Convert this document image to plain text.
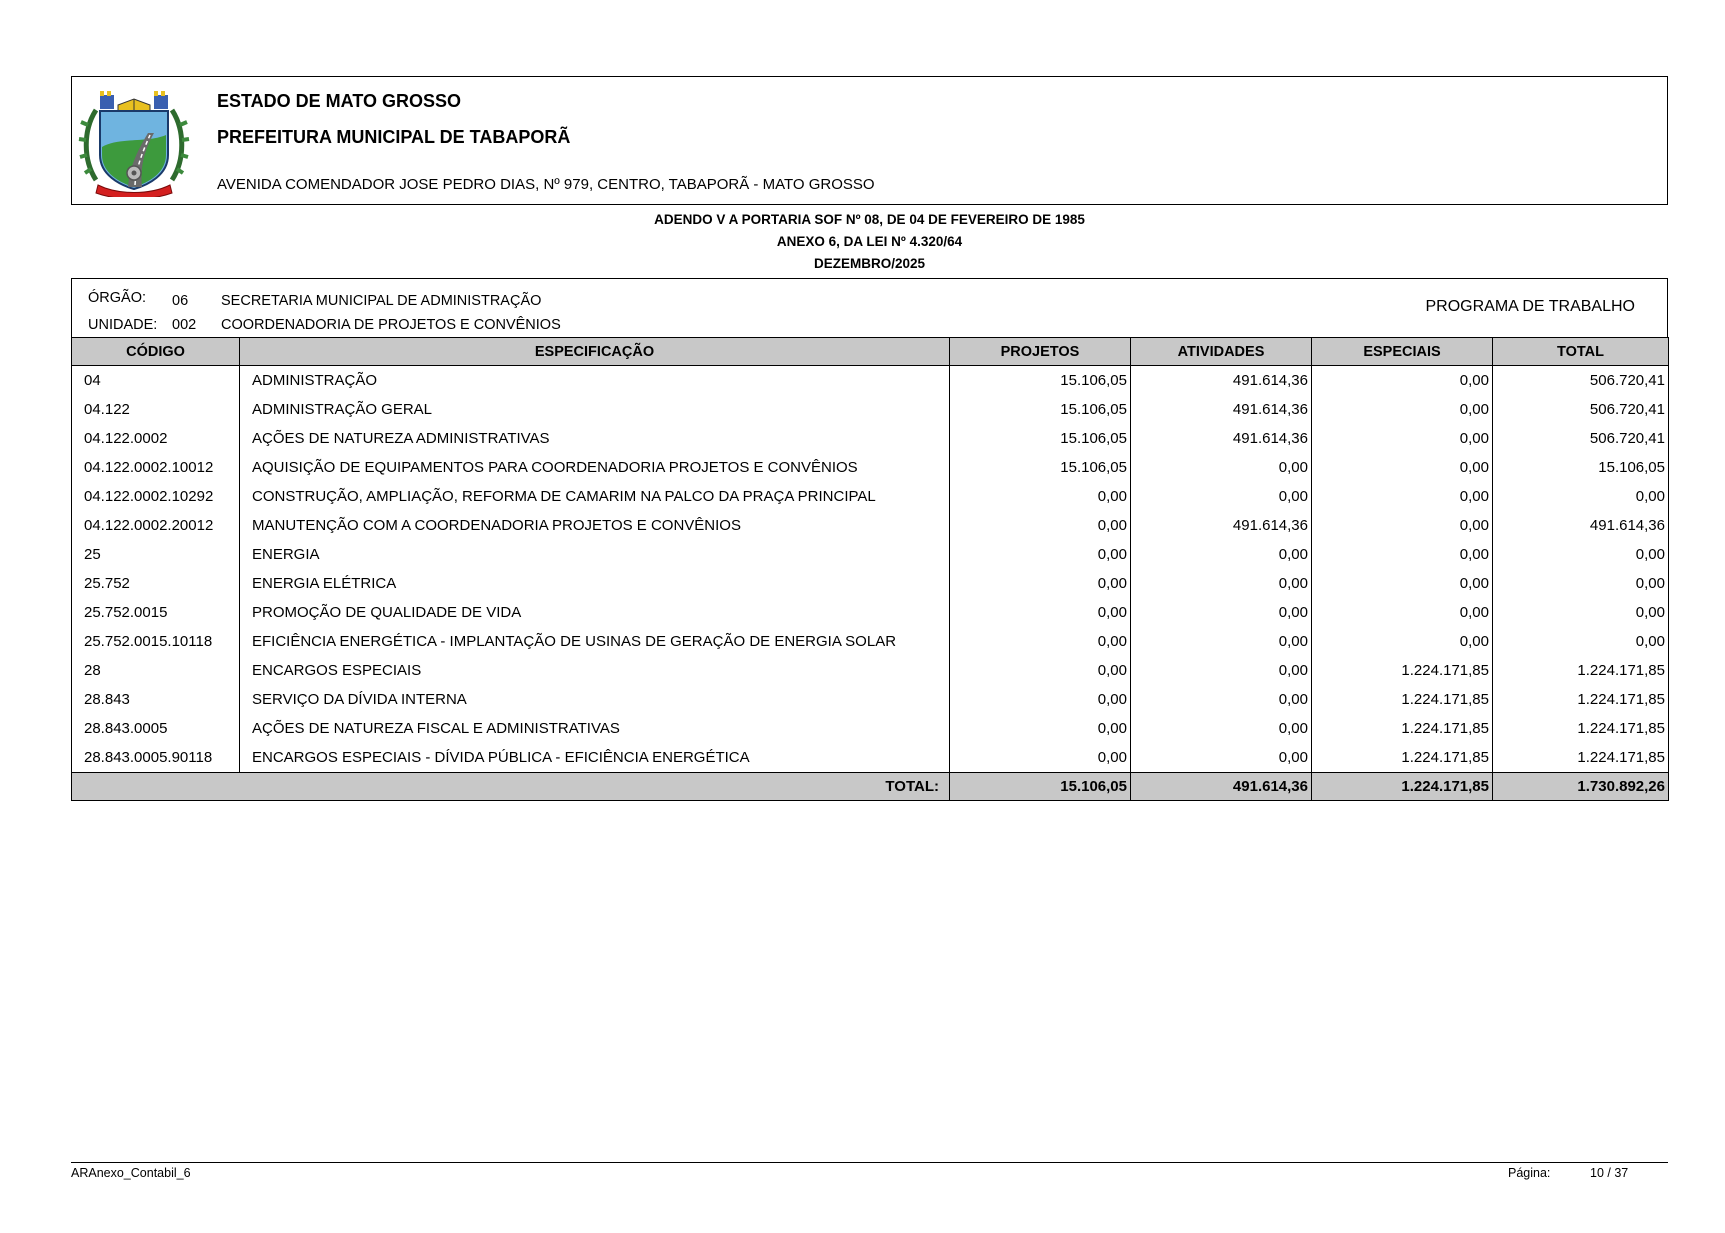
ESTADO DE MATO GROSSO
PREFEITURA MUNICIPAL DE TABAPORÃ
AVENIDA COMENDADOR JOSE PEDRO DIAS, Nº 979, CENTRO, TABAPORÃ - MATO GROSSO
ADENDO V A PORTARIA SOF Nº 08, DE 04 DE FEVEREIRO DE 1985
ANEXO 6, DA LEI Nº 4.320/64
DEZEMBRO/2025
ÓRGÃO: 06 SECRETARIA MUNICIPAL DE ADMINISTRAÇÃO
UNIDADE: 002 COORDENADORIA DE PROJETOS E CONVÊNIOS
PROGRAMA DE TRABALHO
CÓDIGO	ESPECIFICAÇÃO	PROJETOS	ATIVIDADES	ESPECIAIS	TOTAL
04	ADMINISTRAÇÃO	15.106,05	491.614,36	0,00	506.720,41
04.122	ADMINISTRAÇÃO GERAL	15.106,05	491.614,36	0,00	506.720,41
04.122.0002	AÇÕES DE NATUREZA ADMINISTRATIVAS	15.106,05	491.614,36	0,00	506.720,41
04.122.0002.10012	AQUISIÇÃO DE EQUIPAMENTOS PARA COORDENADORIA PROJETOS E CONVÊNIOS	15.106,05	0,00	0,00	15.106,05
04.122.0002.10292	CONSTRUÇÃO, AMPLIAÇÃO, REFORMA DE CAMARIM NA PALCO DA PRAÇA PRINCIPAL	0,00	0,00	0,00	0,00
04.122.0002.20012	MANUTENÇÃO COM A COORDENADORIA PROJETOS E CONVÊNIOS	0,00	491.614,36	0,00	491.614,36
25	ENERGIA	0,00	0,00	0,00	0,00
25.752	ENERGIA ELÉTRICA	0,00	0,00	0,00	0,00
25.752.0015	PROMOÇÃO DE QUALIDADE DE VIDA	0,00	0,00	0,00	0,00
25.752.0015.10118	EFICIÊNCIA ENERGÉTICA - IMPLANTAÇÃO DE USINAS DE GERAÇÃO DE ENERGIA SOLAR	0,00	0,00	0,00	0,00
28	ENCARGOS ESPECIAIS	0,00	0,00	1.224.171,85	1.224.171,85
28.843	SERVIÇO DA DÍVIDA INTERNA	0,00	0,00	1.224.171,85	1.224.171,85
28.843.0005	AÇÕES DE NATUREZA FISCAL E ADMINISTRATIVAS	0,00	0,00	1.224.171,85	1.224.171,85
28.843.0005.90118	ENCARGOS ESPECIAIS - DÍVIDA PÚBLICA - EFICIÊNCIA ENERGÉTICA	0,00	0,00	1.224.171,85	1.224.171,85
TOTAL:		15.106,05	491.614,36	1.224.171,85	1.730.892,26
ARAnexo_Contabil_6	Página:	10 / 37
